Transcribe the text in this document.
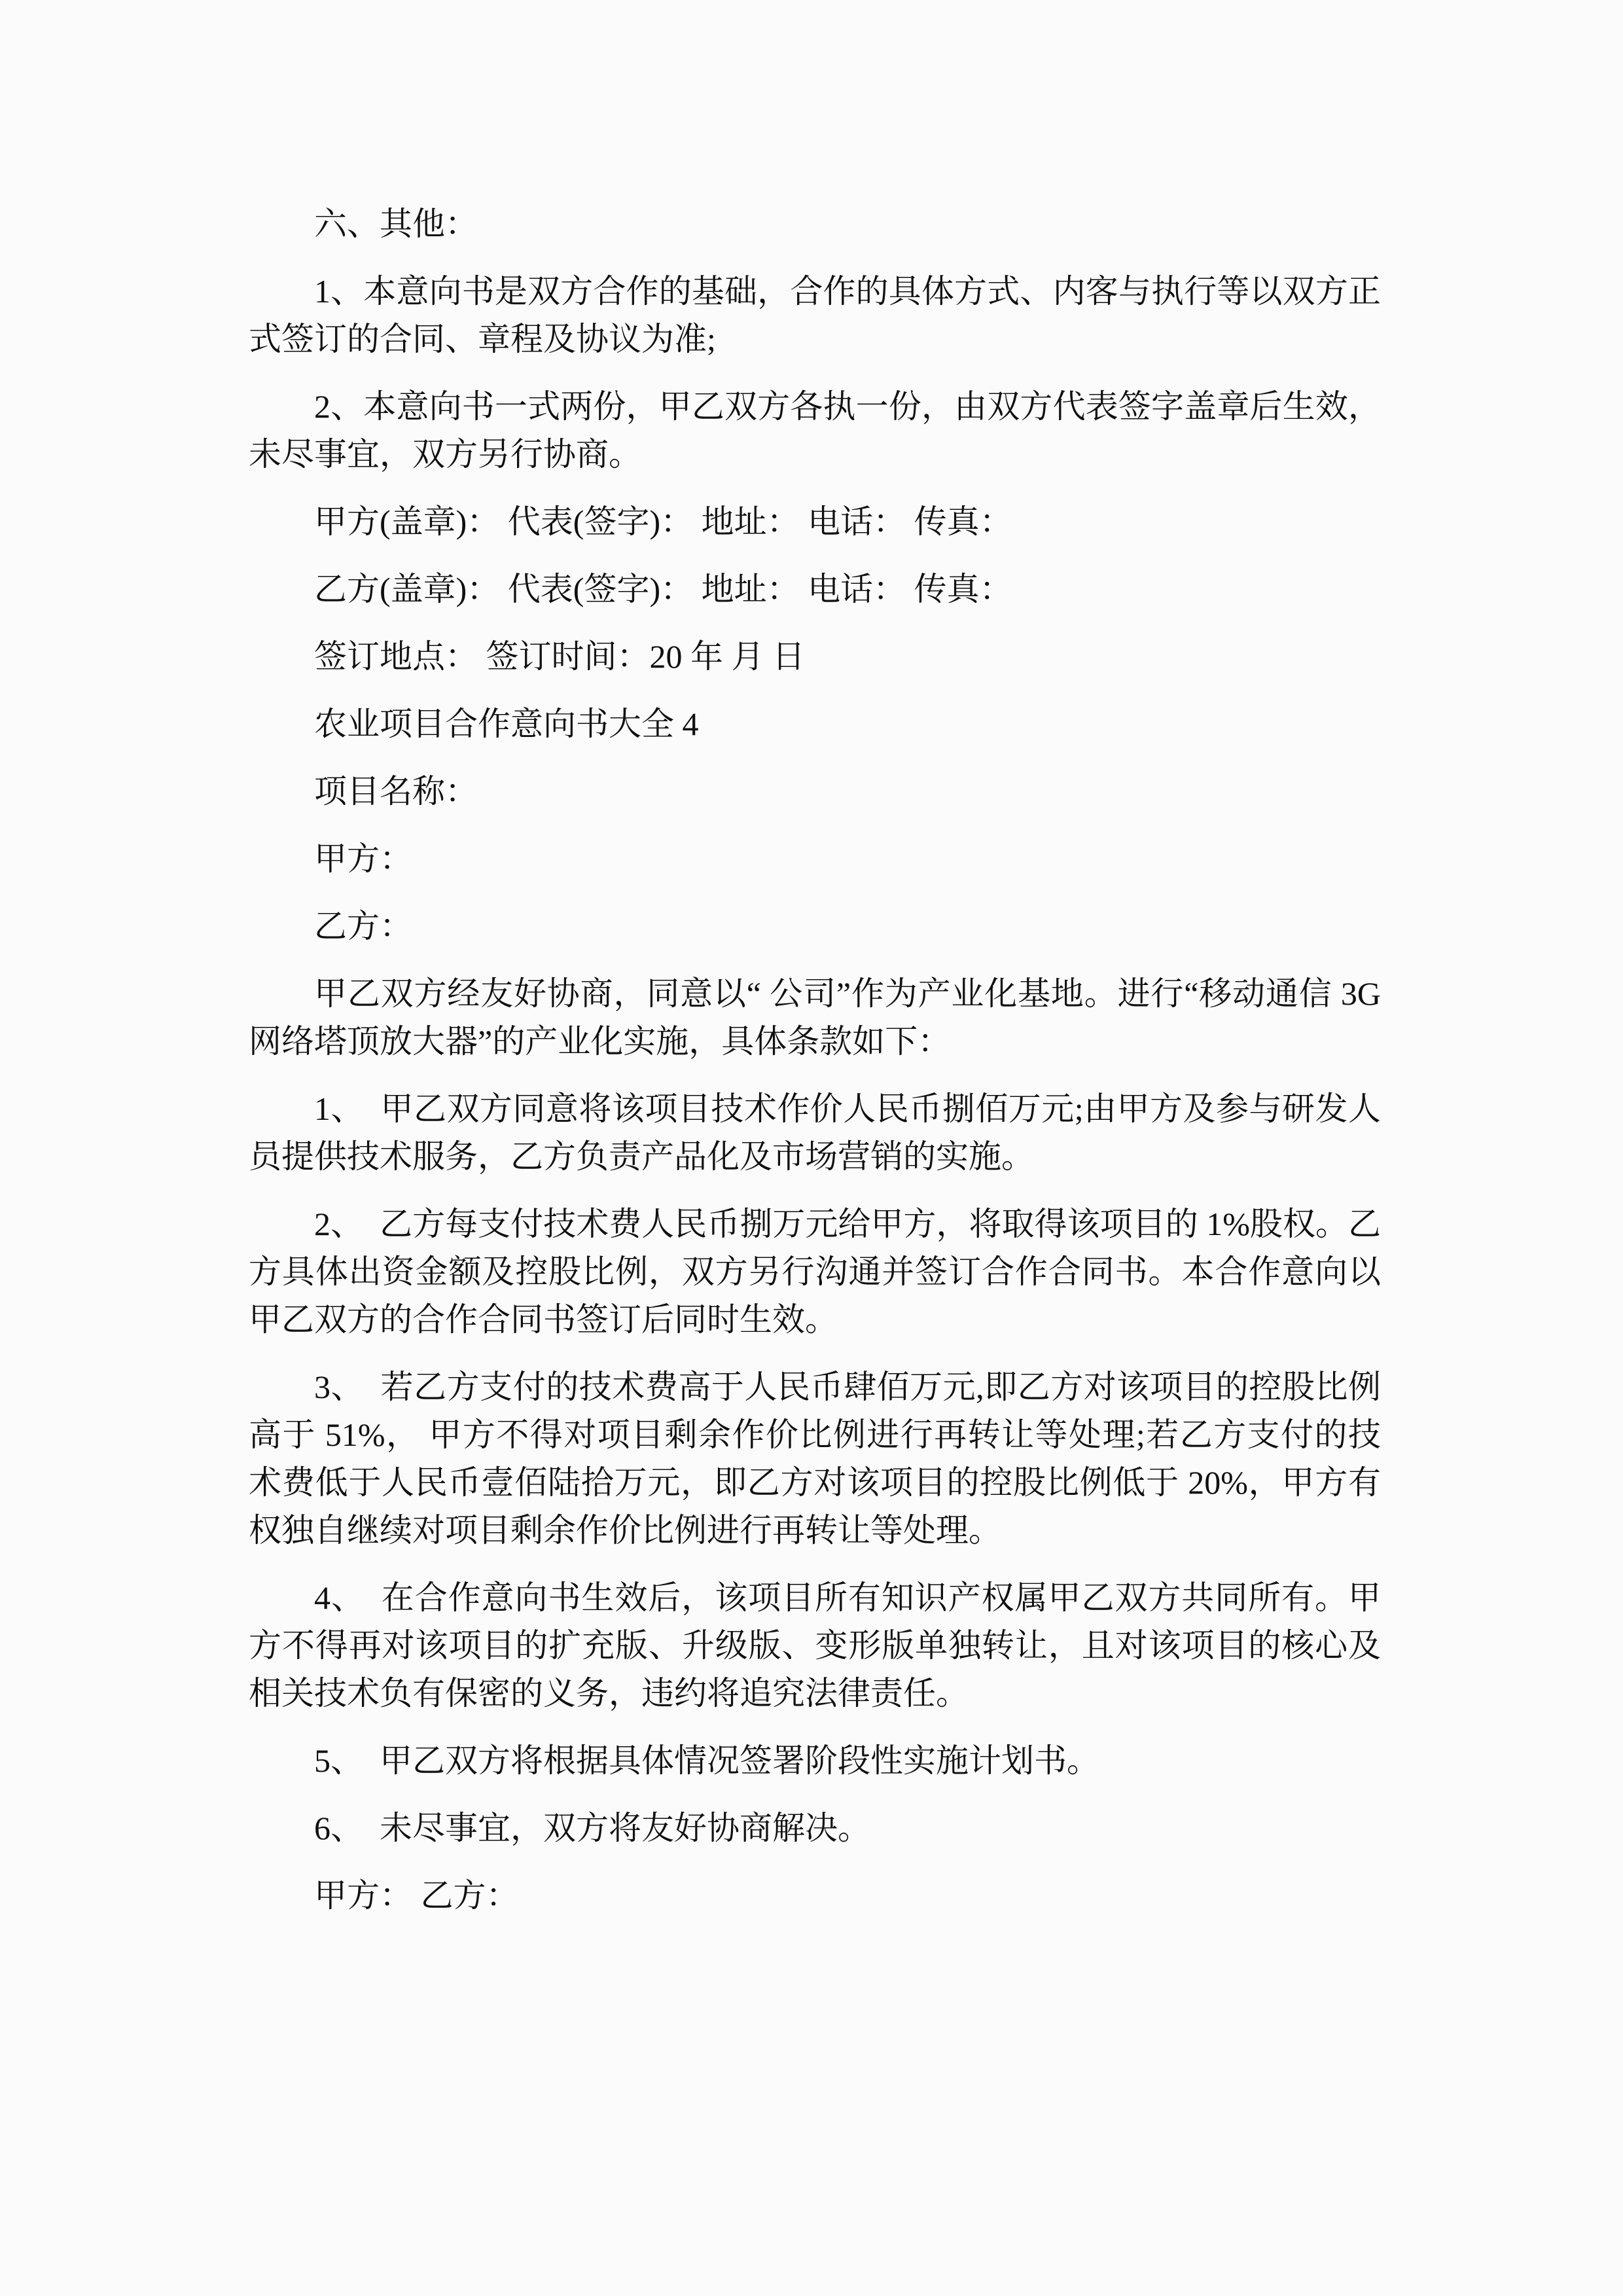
六、其他：

1、本意向书是双方合作的基础，合作的具体方式、内客与执行等以双方正式签订的合同、章程及协议为准;

2、本意向书一式两份，甲乙双方各执一份，由双方代表签字盖章后生效，未尽事宜，双方另行协商。

甲方(盖章)： 代表(签字)： 地址： 电话： 传真：

乙方(盖章)： 代表(签字)： 地址： 电话： 传真：

签订地点： 签订时间：20 年 月 日

农业项目合作意向书大全 4

项目名称：

甲方：

乙方：

甲乙双方经友好协商，同意以“ 公司”作为产业化基地。进行“移动通信 3G 网络塔顶放大器”的产业化实施，具体条款如下：

1、　甲乙双方同意将该项目技术作价人民币捌佰万元;由甲方及参与研发人员提供技术服务，乙方负责产品化及市场营销的实施。

2、　乙方每支付技术费人民币捌万元给甲方，将取得该项目的 1%股权。乙方具体出资金额及控股比例，双方另行沟通并签订合作合同书。本合作意向以甲乙双方的合作合同书签订后同时生效。

3、　若乙方支付的技术费高于人民币肆佰万元,即乙方对该项目的控股比例高于 51%， 甲方不得对项目剩余作价比例进行再转让等处理;若乙方支付的技术费低于人民币壹佰陆拾万元，即乙方对该项目的控股比例低于 20%，甲方有权独自继续对项目剩余作价比例进行再转让等处理。

4、　在合作意向书生效后，该项目所有知识产权属甲乙双方共同所有。甲方不得再对该项目的扩充版、升级版、变形版单独转让，且对该项目的核心及相关技术负有保密的义务，违约将追究法律责任。

5、　甲乙双方将根据具体情况签署阶段性实施计划书。

6、　未尽事宜，双方将友好协商解决。

甲方： 乙方：
